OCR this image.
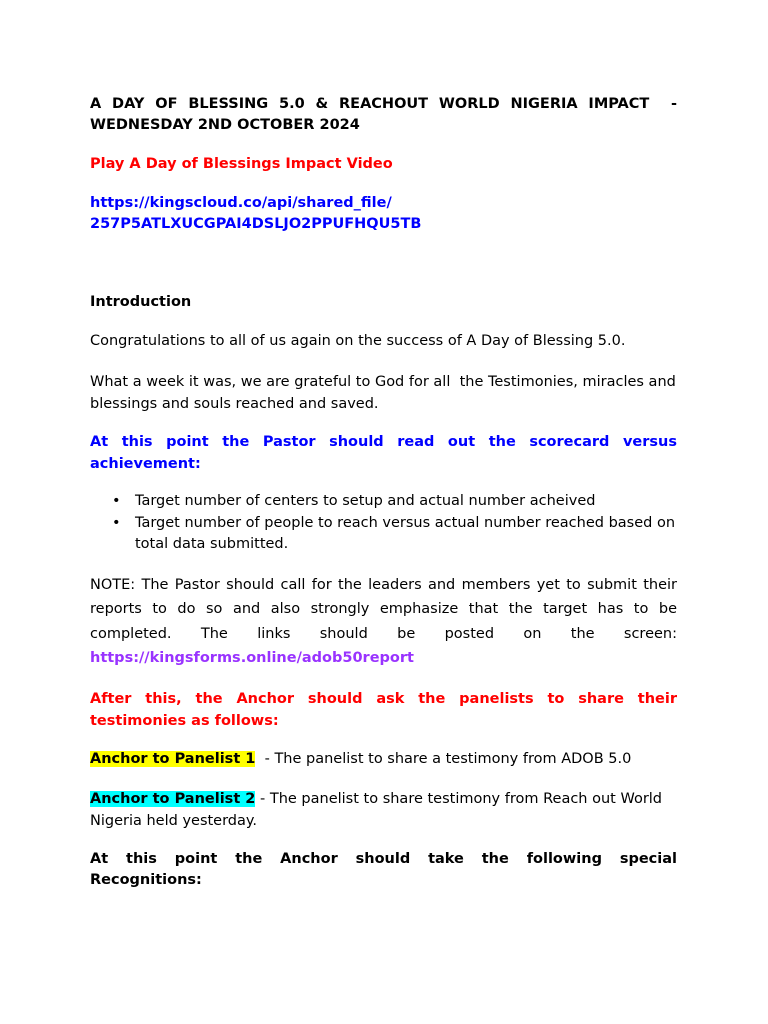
A DAY OF BLESSING 5.0 & REACHOUT WORLD NIGERIA IMPACT  -
WEDNESDAY 2ND OCTOBER 2024
Play A Day of Blessings Impact Video
https://kingscloud.co/api/shared_file/
257P5ATLXUCGPAI4DSLJO2PPUFHQU5TB
Introduction
Congratulations to all of us again on the success of A Day of Blessing 5.0.
What a week it was, we are grateful to God for all  the Testimonies, miracles and blessings and souls reached and saved.
At this point the Pastor should read out the scorecard versus achievement:
• Target number of centers to setup and actual number acheived
• Target number of people to reach versus actual number reached based on total data submitted.
NOTE: The Pastor should call for the leaders and members yet to submit their reports to do so and also strongly emphasize that the target has to be completed. The links should be posted on the screen: https://kingsforms.online/adob50report
After this, the Anchor should ask the panelists to share their testimonies as follows:
Anchor to Panelist 1  - The panelist to share a testimony from ADOB 5.0
Anchor to Panelist 2 - The panelist to share testimony from Reach out World Nigeria held yesterday.
At this point the Anchor should take the following special Recognitions:
